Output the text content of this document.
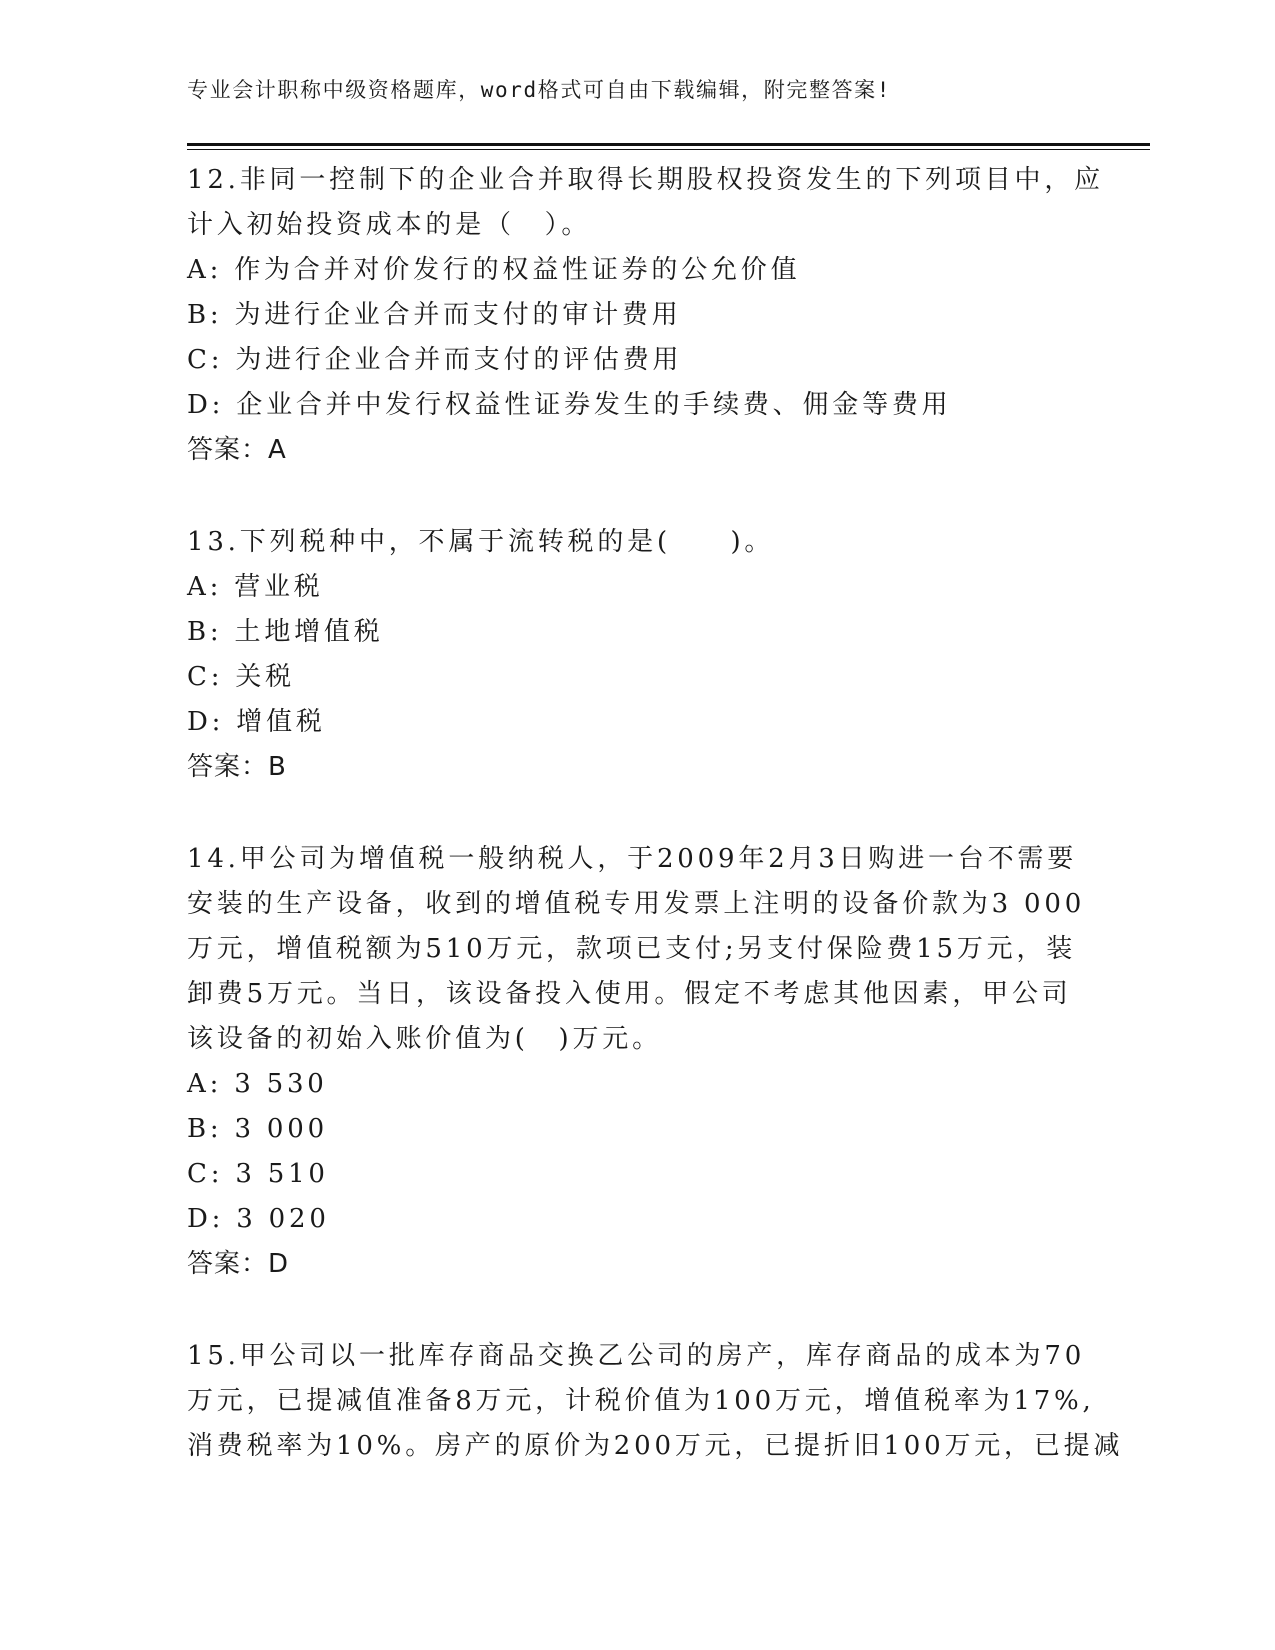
专业会计职称中级资格题库，word格式可自由下载编辑，附完整答案!
12.非同一控制下的企业合并取得长期股权投资发生的下列项目中，应
计入初始投资成本的是（　）。
A: 作为合并对价发行的权益性证券的公允价值
B: 为进行企业合并而支付的审计费用
C: 为进行企业合并而支付的评估费用
D: 企业合并中发行权益性证券发生的手续费、佣金等费用
答案：A
13.下列税种中，不属于流转税的是(　　)。
A: 营业税
B: 土地增值税
C: 关税
D: 增值税
答案：B
14.甲公司为增值税一般纳税人，于2009年2月3日购进一台不需要
安装的生产设备，收到的增值税专用发票上注明的设备价款为3 000
万元，增值税额为510万元，款项已支付;另支付保险费15万元，装
卸费5万元。当日，该设备投入使用。假定不考虑其他因素，甲公司
该设备的初始入账价值为(　)万元。
A: 3 530
B: 3 000
C: 3 510
D: 3 020
答案：D
15.甲公司以一批库存商品交换乙公司的房产，库存商品的成本为70
万元，已提减值准备8万元，计税价值为100万元，增值税率为17%,
消费税率为10%。房产的原价为200万元，已提折旧100万元，已提减
